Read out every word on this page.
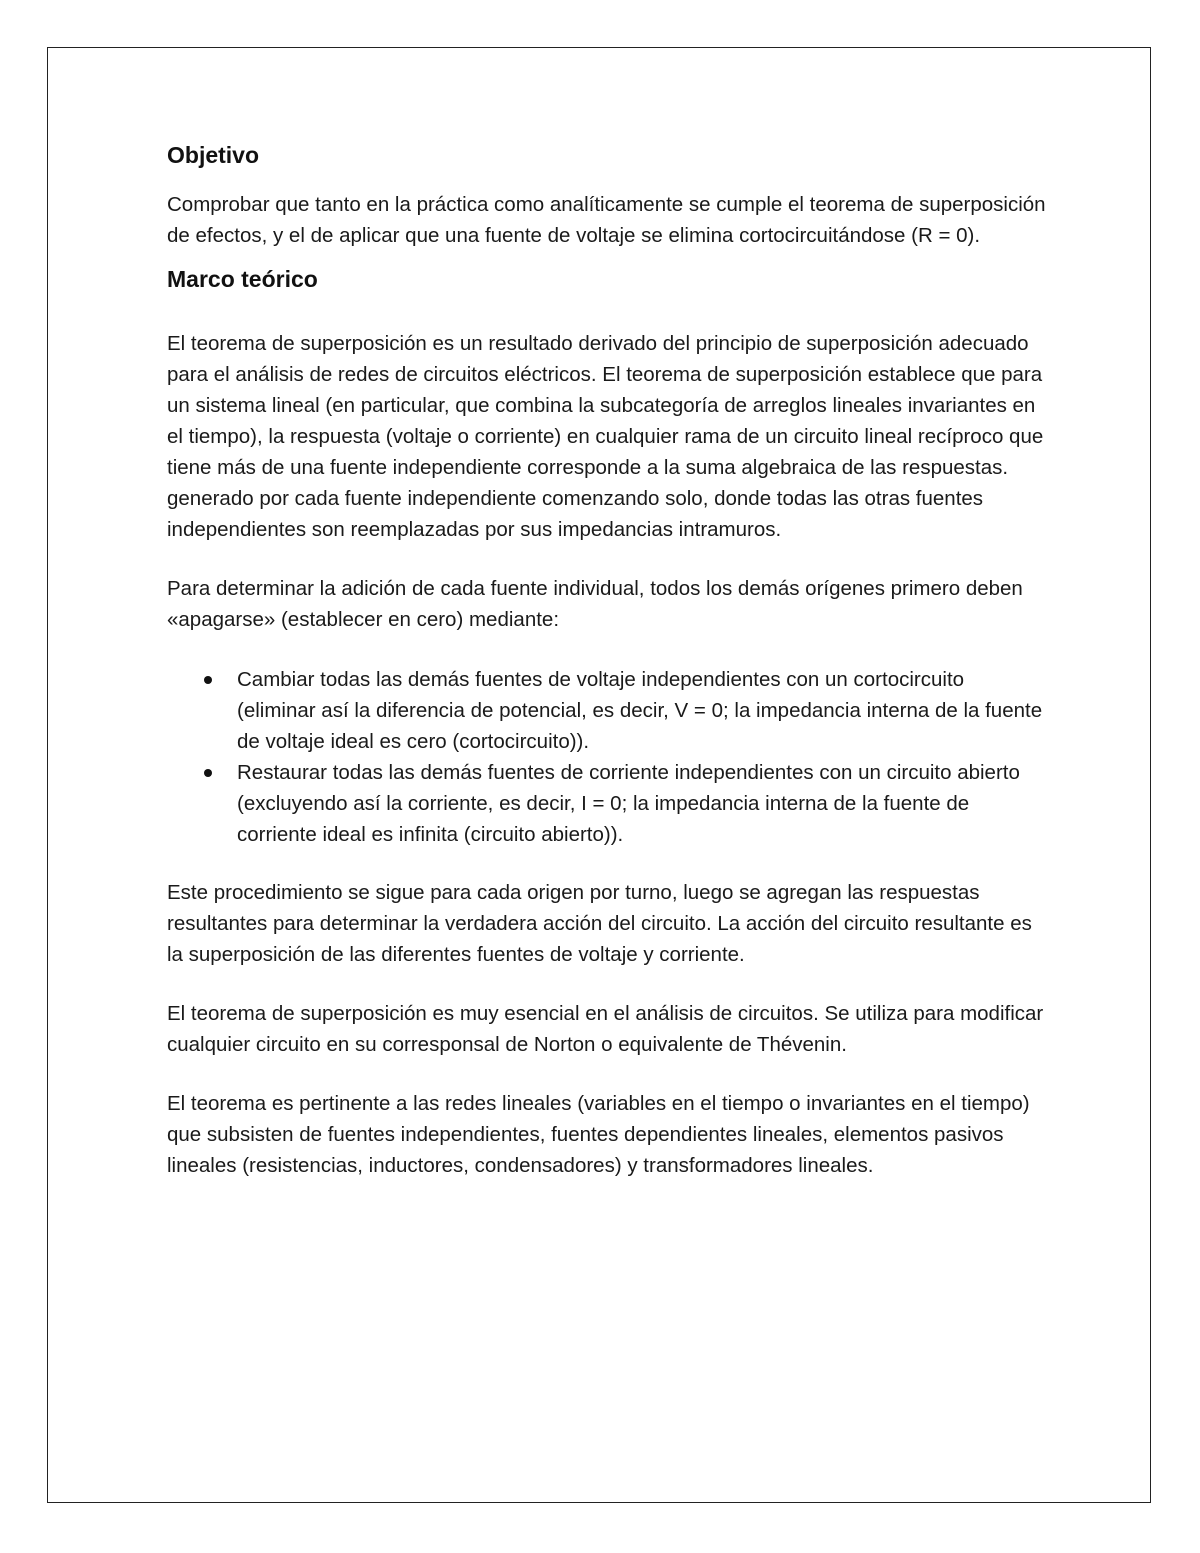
Objetivo

Comprobar que tanto en la práctica como analíticamente se cumple el teorema de superposición de efectos, y el de aplicar que una fuente de voltaje se elimina cortocircuitándose (R = 0).

Marco teórico

El teorema de superposición es un resultado derivado del principio de superposición adecuado para el análisis de redes de circuitos eléctricos. El teorema de superposición establece que para un sistema lineal (en particular, que combina la subcategoría de arreglos lineales invariantes en el tiempo), la respuesta (voltaje o corriente) en cualquier rama de un circuito lineal recíproco que tiene más de una fuente independiente corresponde a la suma algebraica de las respuestas. generado por cada fuente independiente comenzando solo, donde todas las otras fuentes independientes son reemplazadas por sus impedancias intramuros.

Para determinar la adición de cada fuente individual, todos los demás orígenes primero deben «apagarse» (establecer en cero) mediante:

Cambiar todas las demás fuentes de voltaje independientes con un cortocircuito (eliminar así la diferencia de potencial, es decir, V = 0; la impedancia interna de la fuente de voltaje ideal es cero (cortocircuito)).
Restaurar todas las demás fuentes de corriente independientes con un circuito abierto (excluyendo así la corriente, es decir, I = 0; la impedancia interna de la fuente de corriente ideal es infinita (circuito abierto)).

Este procedimiento se sigue para cada origen por turno, luego se agregan las respuestas resultantes para determinar la verdadera acción del circuito. La acción del circuito resultante es la superposición de las diferentes fuentes de voltaje y corriente.

El teorema de superposición es muy esencial en el análisis de circuitos. Se utiliza para modificar cualquier circuito en su corresponsal de Norton o equivalente de Thévenin.

El teorema es pertinente a las redes lineales (variables en el tiempo o invariantes en el tiempo) que subsisten de fuentes independientes, fuentes dependientes lineales, elementos pasivos lineales (resistencias, inductores, condensadores) y transformadores lineales.
